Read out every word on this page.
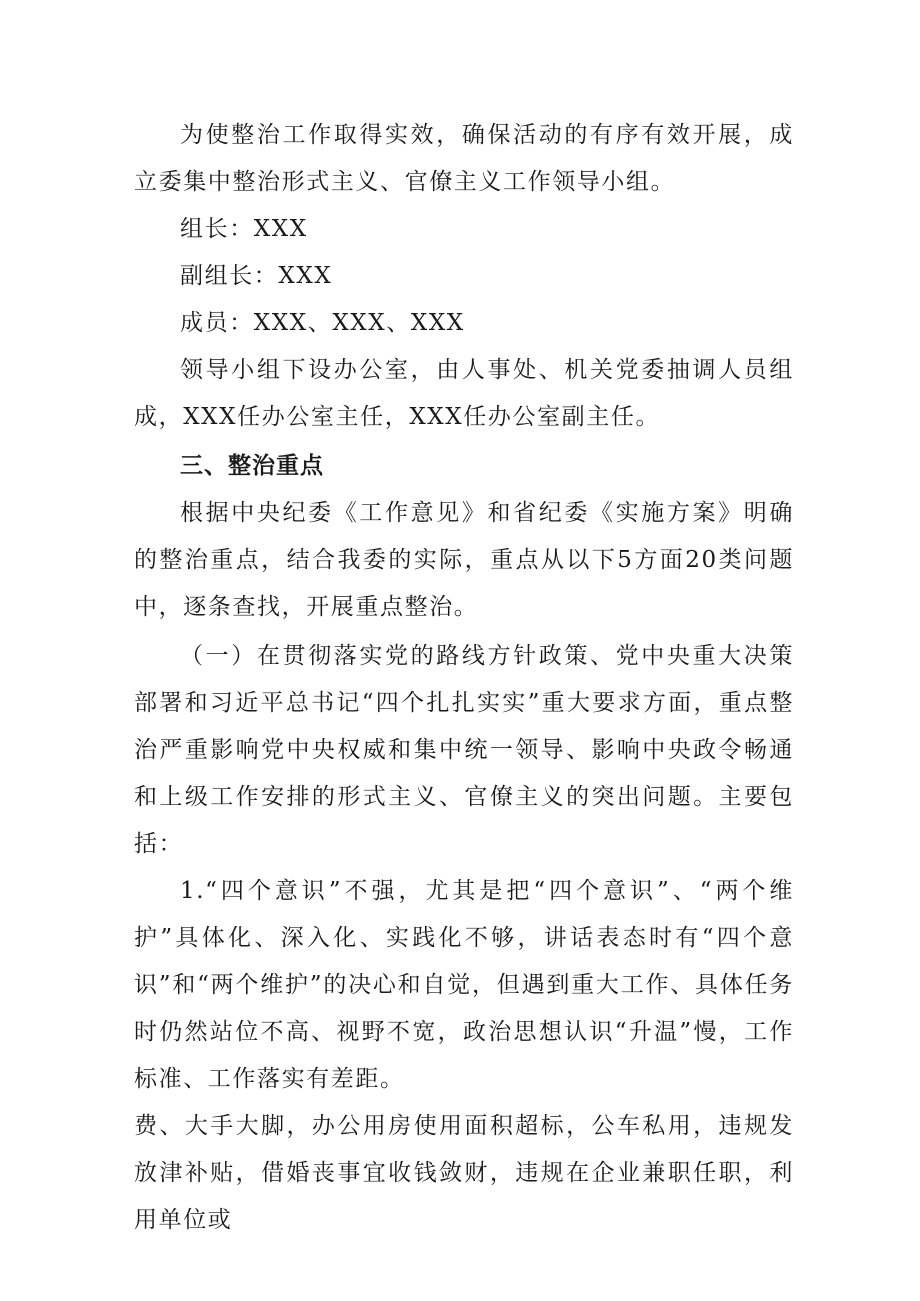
为使整治工作取得实效，确保活动的有序有效开展，成立委集中整治形式主义、官僚主义工作领导小组。

组长：XXX

副组长：XXX

成员：XXX、XXX、XXX

领导小组下设办公室，由人事处、机关党委抽调人员组成，XXX任办公室主任，XXX任办公室副主任。

三、整治重点

根据中央纪委《工作意见》和省纪委《实施方案》明确的整治重点，结合我委的实际，重点从以下5方面20类问题中，逐条查找，开展重点整治。

（一）在贯彻落实党的路线方针政策、党中央重大决策部署和习近平总书记“四个扎扎实实”重大要求方面，重点整治严重影响党中央权威和集中统一领导、影响中央政令畅通和上级工作安排的形式主义、官僚主义的突出问题。主要包括：

1.“四个意识”不强，尤其是把“四个意识”、“两个维护”具体化、深入化、实践化不够，讲话表态时有“四个意识”和“两个维护”的决心和自觉，但遇到重大工作、具体任务时仍然站位不高、视野不宽，政治思想认识“升温”慢，工作标准、工作落实有差距。

费、大手大脚，办公用房使用面积超标，公车私用，违规发放津补贴，借婚丧事宜收钱敛财，违规在企业兼职任职，利用单位或
